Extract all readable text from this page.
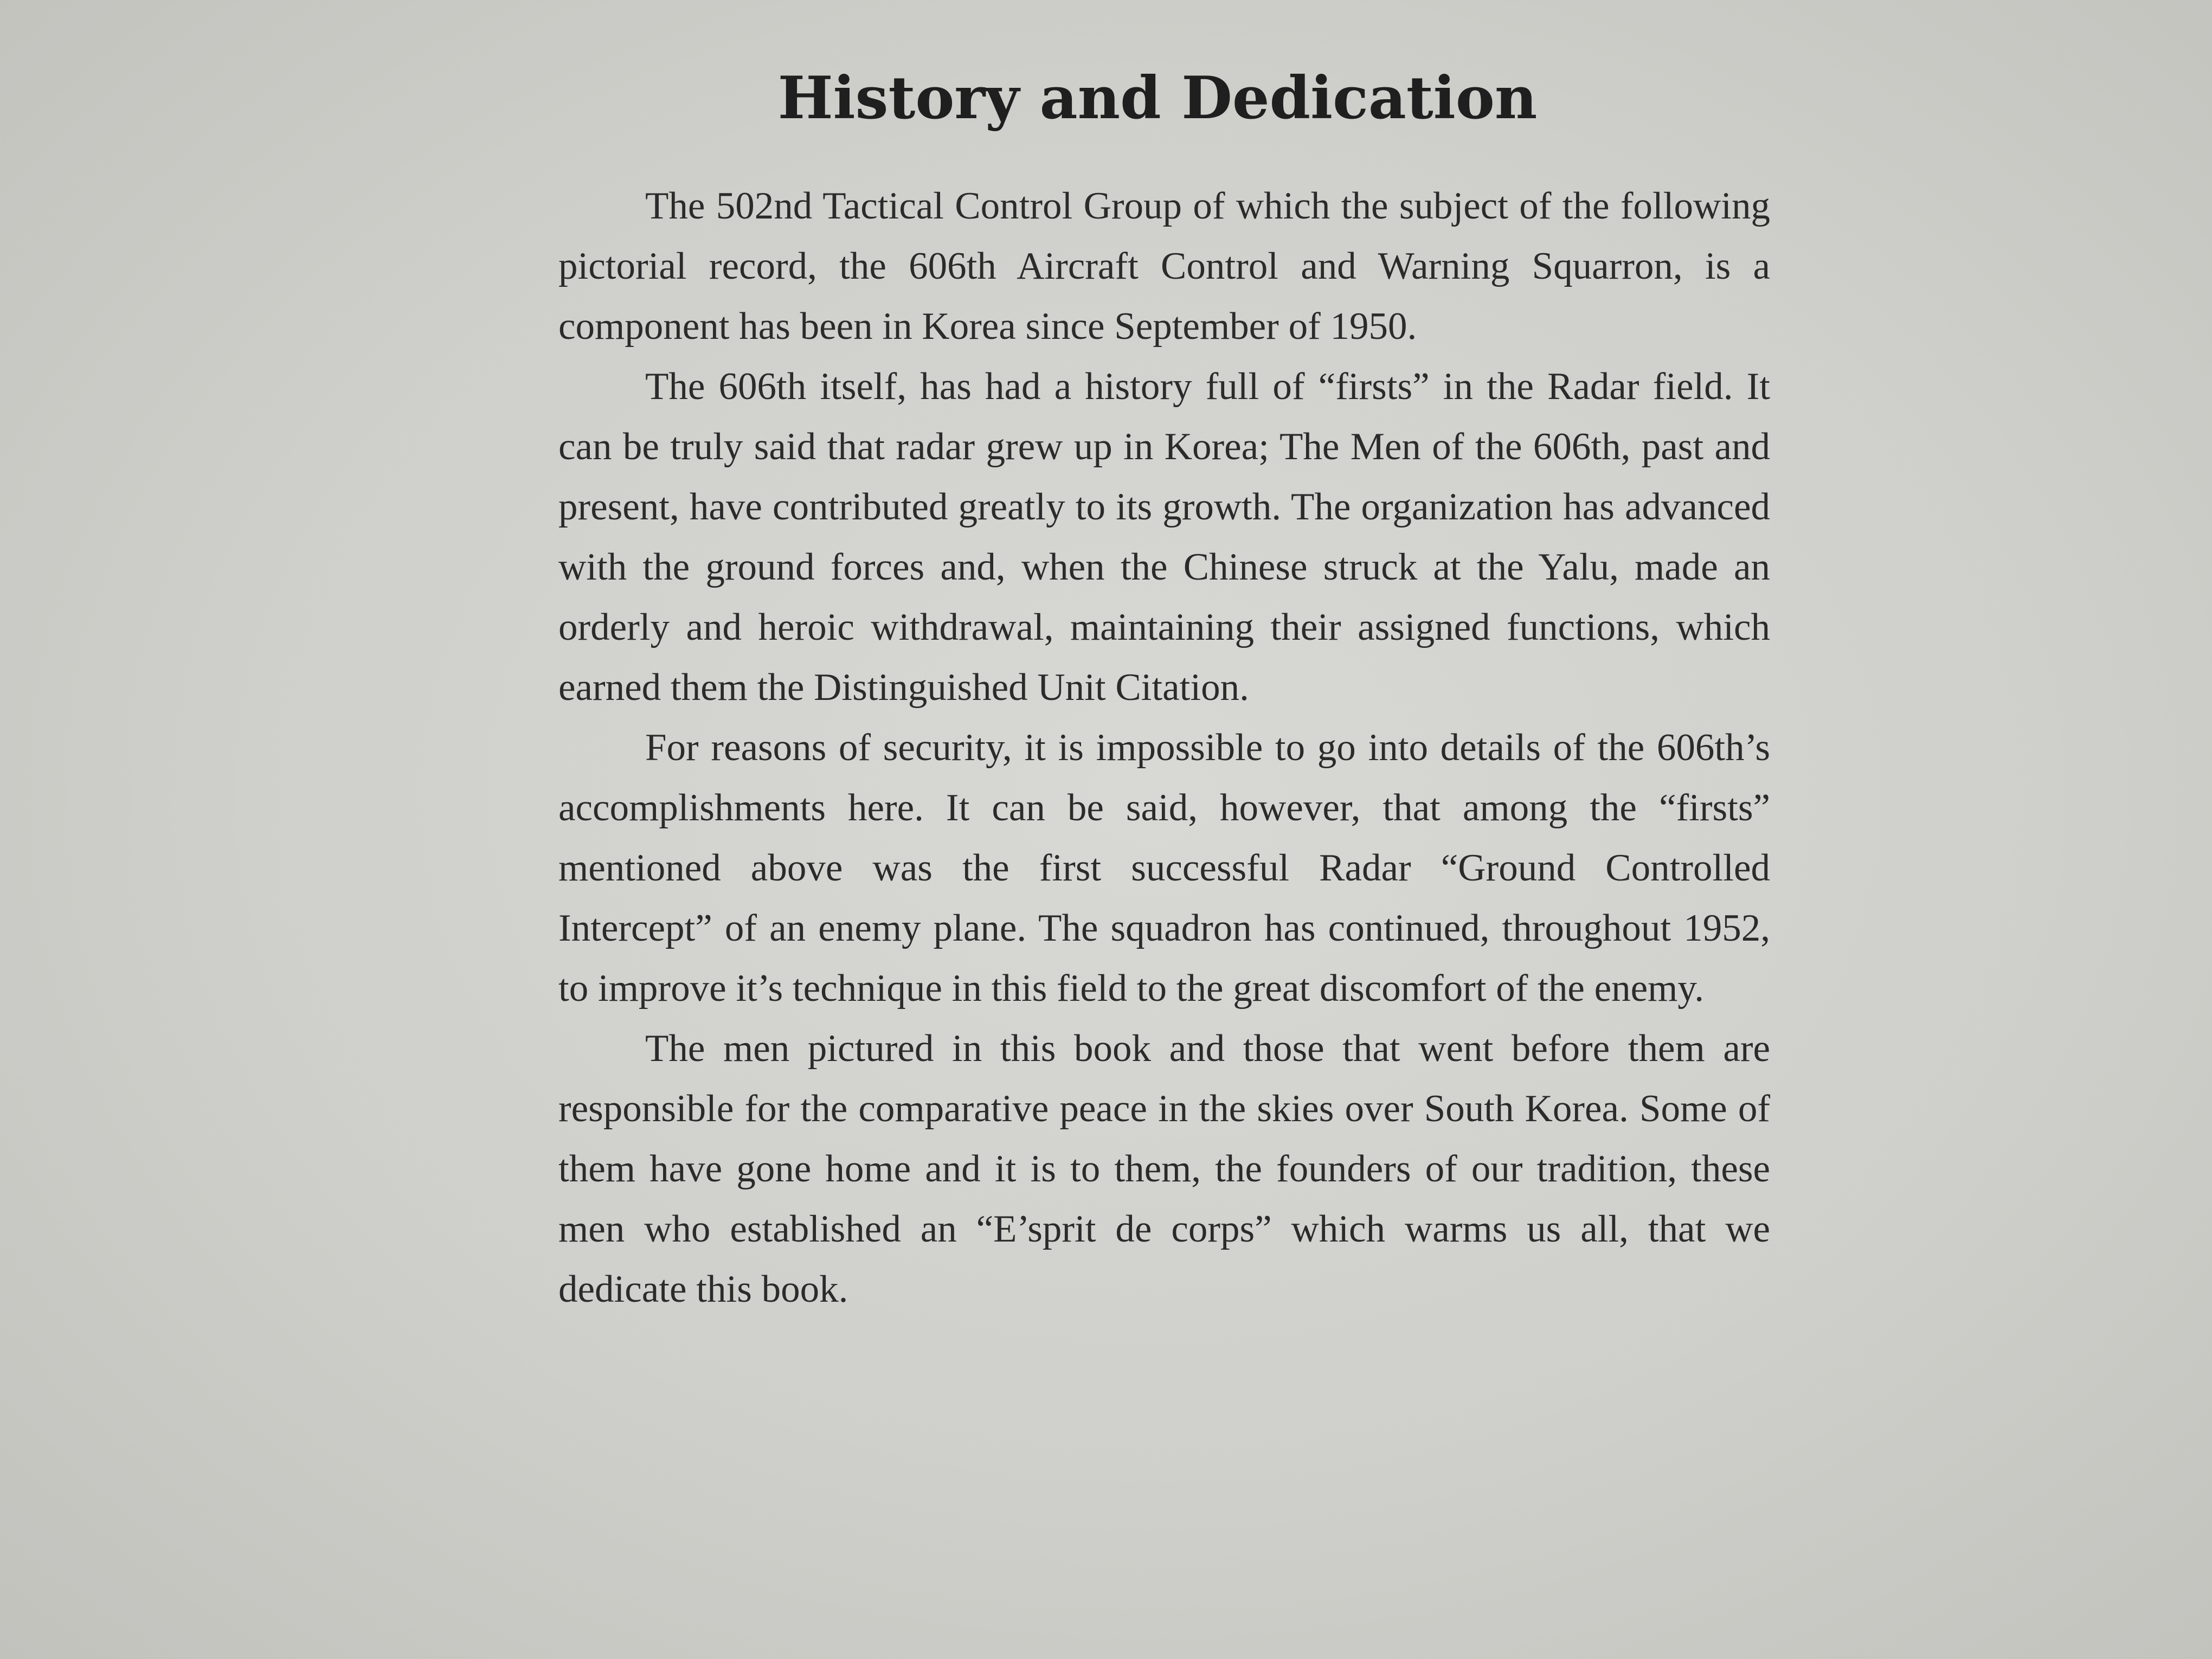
History and Dedication

The 502nd Tactical Control Group of which the subject of the following pictorial record, the 606th Aircraft Control and Warning Squarron, is a component has been in Korea since September of 1950.

The 606th itself, has had a history full of “firsts” in the Radar field. It can be truly said that radar grew up in Korea; The Men of the 606th, past and present, have contributed greatly to its growth. The organization has advanced with the ground forces and, when the Chinese struck at the Yalu, made an orderly and heroic withdrawal, maintaining their assigned functions, which earned them the Distinguished Unit Citation.

For reasons of security, it is impossible to go into details of the 606th’s accomplishments here. It can be said, however, that among the “firsts” mentioned above was the first successful Radar “Ground Controlled Intercept” of an enemy plane. The squadron has continued, throughout 1952, to improve it’s technique in this field to the great discomfort of the enemy.

The men pictured in this book and those that went before them are responsible for the comparative peace in the skies over South Korea. Some of them have gone home and it is to them, the founders of our tradition, these men who established an “E’sprit de corps” which warms us all, that we dedicate this book.
